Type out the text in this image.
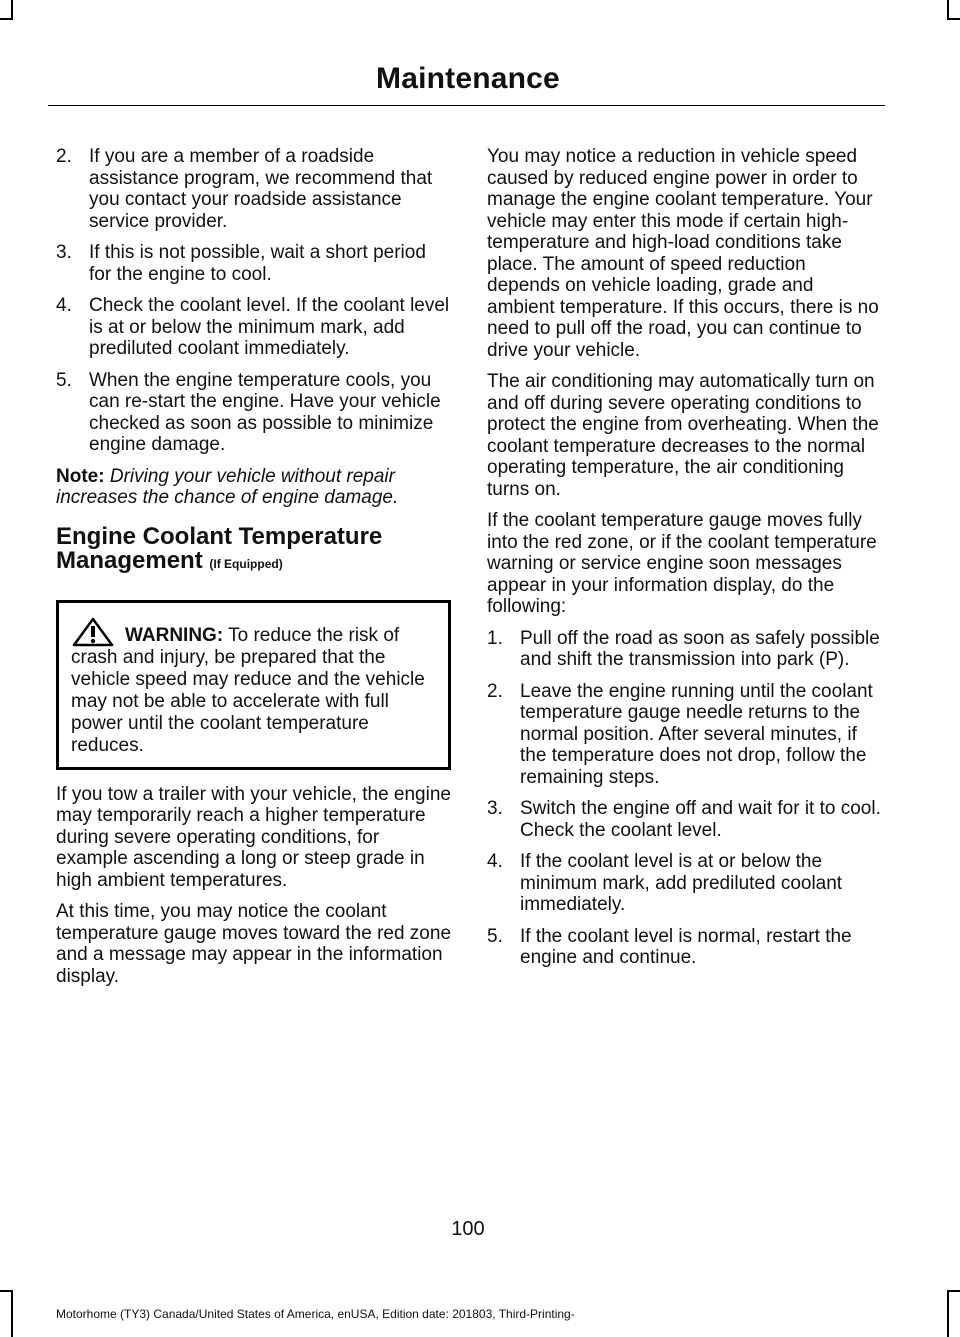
Maintenance
2. If you are a member of a roadside assistance program, we recommend that you contact your roadside assistance service provider.
3. If this is not possible, wait a short period for the engine to cool.
4. Check the coolant level. If the coolant level is at or below the minimum mark, add prediluted coolant immediately.
5. When the engine temperature cools, you can re-start the engine. Have your vehicle checked as soon as possible to minimize engine damage.

Note: Driving your vehicle without repair increases the chance of engine damage.

Engine Coolant Temperature Management (If Equipped)
WARNING: To reduce the risk of crash and injury, be prepared that the vehicle speed may reduce and the vehicle may not be able to accelerate with full power until the coolant temperature reduces.

If you tow a trailer with your vehicle, the engine may temporarily reach a higher temperature during severe operating conditions, for example ascending a long or steep grade in high ambient temperatures.

At this time, you may notice the coolant temperature gauge moves toward the red zone and a message may appear in the information display.

You may notice a reduction in vehicle speed caused by reduced engine power in order to manage the engine coolant temperature. Your vehicle may enter this mode if certain high-temperature and high-load conditions take place. The amount of speed reduction depends on vehicle loading, grade and ambient temperature. If this occurs, there is no need to pull off the road, you can continue to drive your vehicle.

The air conditioning may automatically turn on and off during severe operating conditions to protect the engine from overheating. When the coolant temperature decreases to the normal operating temperature, the air conditioning turns on.

If the coolant temperature gauge moves fully into the red zone, or if the coolant temperature warning or service engine soon messages appear in your information display, do the following:

1. Pull off the road as soon as safely possible and shift the transmission into park (P).
2. Leave the engine running until the coolant temperature gauge needle returns to the normal position. After several minutes, if the temperature does not drop, follow the remaining steps.
3. Switch the engine off and wait for it to cool. Check the coolant level.
4. If the coolant level is at or below the minimum mark, add prediluted coolant immediately.
5. If the coolant level is normal, restart the engine and continue.
100
Motorhome (TY3) Canada/United States of America, enUSA, Edition date: 201803, Third-Printing-
